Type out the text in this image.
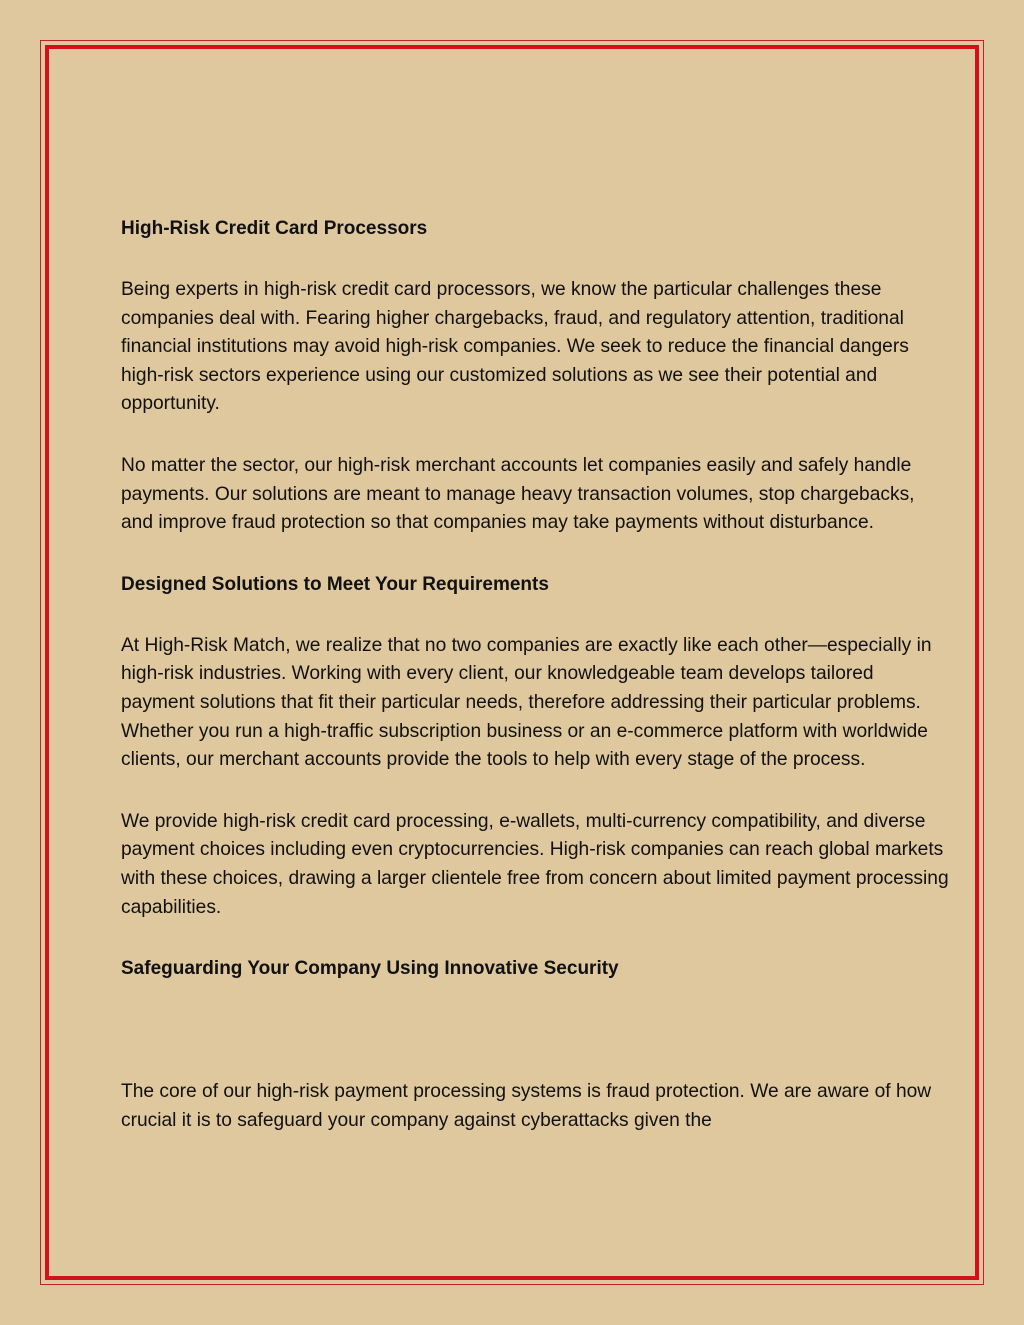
High-Risk Credit Card Processors

Being experts in high-risk credit card processors, we know the particular challenges these companies deal with. Fearing higher chargebacks, fraud, and regulatory attention, traditional financial institutions may avoid high-risk companies. We seek to reduce the financial dangers high-risk sectors experience using our customized solutions as we see their potential and opportunity.

No matter the sector, our high-risk merchant accounts let companies easily and safely handle payments. Our solutions are meant to manage heavy transaction volumes, stop chargebacks, and improve fraud protection so that companies may take payments without disturbance.

Designed Solutions to Meet Your Requirements

At High-Risk Match, we realize that no two companies are exactly like each other—especially in high-risk industries. Working with every client, our knowledgeable team develops tailored payment solutions that fit their particular needs, therefore addressing their particular problems. Whether you run a high-traffic subscription business or an e-commerce platform with worldwide clients, our merchant accounts provide the tools to help with every stage of the process.

We provide high-risk credit card processing, e-wallets, multi-currency compatibility, and diverse payment choices including even cryptocurrencies. High-risk companies can reach global markets with these choices, drawing a larger clientele free from concern about limited payment processing capabilities.

Safeguarding Your Company Using Innovative Security

The core of our high-risk payment processing systems is fraud protection. We are aware of how crucial it is to safeguard your company against cyberattacks given the
